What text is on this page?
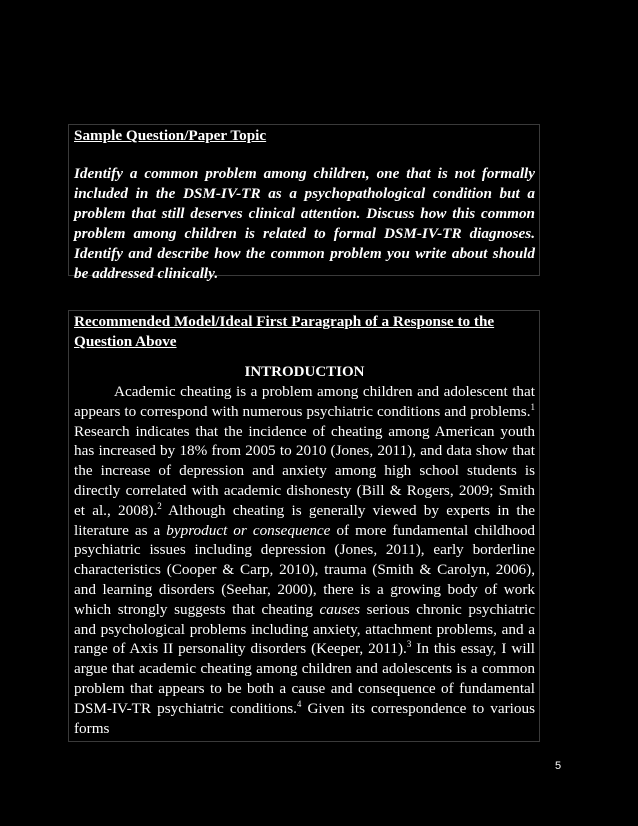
Sample Question/Paper Topic
Identify a common problem among children, one that is not formally included in the DSM-IV-TR as a psychopathological condition but a problem that still deserves clinical attention. Discuss how this common problem among children is related to formal DSM-IV-TR diagnoses. Identify and describe how the common problem you write about should be addressed clinically.
Recommended Model/Ideal First Paragraph of a Response to the Question Above
INTRODUCTION

Academic cheating is a problem among children and adolescent that appears to correspond with numerous psychiatric conditions and problems.$^1$ Research indicates that the incidence of cheating among American youth has increased by 18% from 2005 to 2010 (Jones, 2011), and data show that the increase of depression and anxiety among high school students is directly correlated with academic dishonesty (Bill & Rogers, 2009; Smith et al., 2008).$^2$ Although cheating is generally viewed by experts in the literature as a byproduct or consequence of more fundamental childhood psychiatric issues including depression (Jones, 2011), early borderline characteristics (Cooper & Carp, 2010), trauma (Smith & Carolyn, 2006), and learning disorders (Seehar, 2000), there is a growing body of work which strongly suggests that cheating causes serious chronic psychiatric and psychological problems including anxiety, attachment problems, and a range of Axis II personality disorders (Keeper, 2011).$^3$ In this essay, I will argue that academic cheating among children and adolescents is a common problem that appears to be both a cause and consequence of fundamental DSM-IV-TR psychiatric conditions.$^4$ Given its correspondence to various forms

5
